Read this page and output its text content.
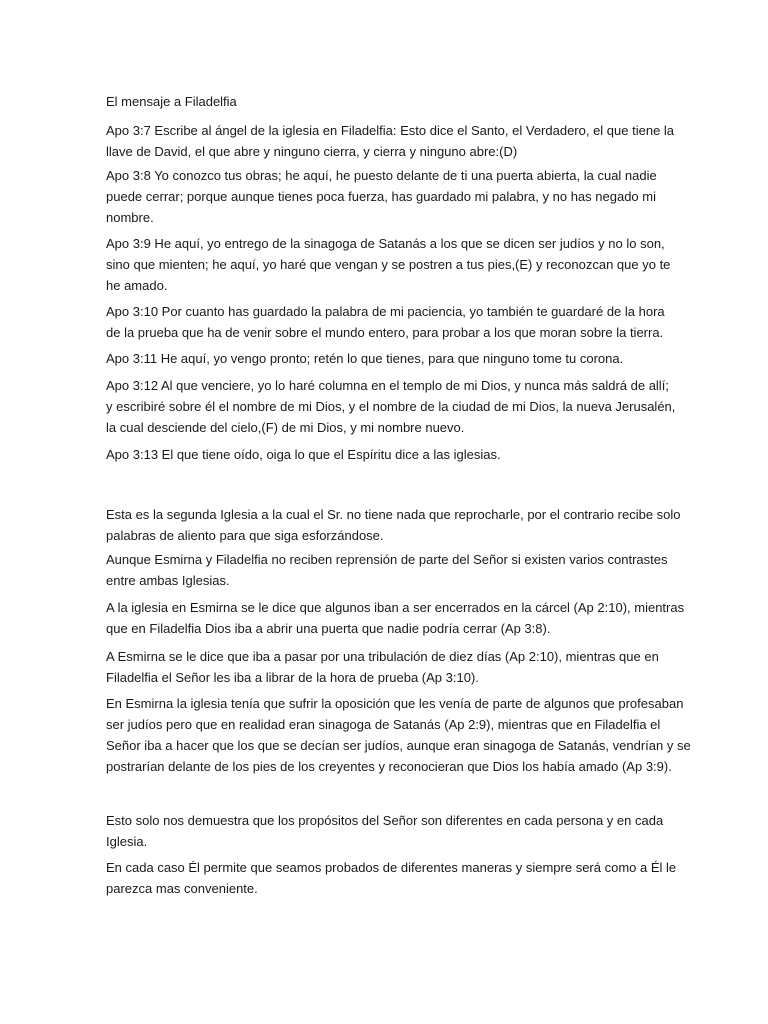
El mensaje a Filadelfia
Apo 3:7 Escribe al ángel de la iglesia en Filadelfia: Esto dice el Santo, el Verdadero, el que tiene la
llave de David, el que abre y ninguno cierra, y cierra y ninguno abre:(D)
Apo 3:8 Yo conozco tus obras; he aquí, he puesto delante de ti una puerta abierta, la cual nadie
puede cerrar; porque aunque tienes poca fuerza, has guardado mi palabra, y no has negado mi
nombre.
Apo 3:9 He aquí, yo entrego de la sinagoga de Satanás a los que se dicen ser judíos y no lo son,
sino que mienten; he aquí, yo haré que vengan y se postren a tus pies,(E) y reconozcan que yo te
he amado.
Apo 3:10 Por cuanto has guardado la palabra de mi paciencia, yo también te guardaré de la hora
de la prueba que ha de venir sobre el mundo entero, para probar a los que moran sobre la tierra.
Apo 3:11 He aquí, yo vengo pronto; retén lo que tienes, para que ninguno tome tu corona.
Apo 3:12 Al que venciere, yo lo haré columna en el templo de mi Dios, y nunca más saldrá de allí;
y escribiré sobre él el nombre de mi Dios, y el nombre de la ciudad de mi Dios, la nueva Jerusalén,
la cual desciende del cielo,(F) de mi Dios, y mi nombre nuevo.
Apo 3:13 El que tiene oído, oiga lo que el Espíritu dice a las iglesias.
Esta es la segunda Iglesia a la cual el Sr. no tiene nada que reprocharle, por el contrario recibe solo
palabras de aliento para que siga esforzándose.
Aunque Esmirna y Filadelfia no reciben reprensión de parte del Señor si existen varios contrastes
entre ambas Iglesias.
A la iglesia en Esmirna se le dice que algunos iban a ser encerrados en la cárcel (Ap 2:10), mientras
que en Filadelfia Dios iba a abrir una puerta que nadie podría cerrar (Ap 3:8).
A Esmirna se le dice que iba a pasar por una tribulación de diez días (Ap 2:10), mientras que en
Filadelfia el Señor les iba a librar de la hora de prueba (Ap 3:10).
En Esmirna la iglesia tenía que sufrir la oposición que les venía de parte de algunos que profesaban
ser judíos pero que en realidad eran sinagoga de Satanás (Ap 2:9), mientras que en Filadelfia el
Señor iba a hacer que los que se decían ser judíos, aunque eran sinagoga de Satanás, vendrían y se
postrarían delante de los pies de los creyentes y reconocieran que Dios los había amado (Ap 3:9).
Esto solo nos demuestra que los propósitos del Señor son diferentes en cada persona y en cada
Iglesia.
En cada caso Él permite que seamos probados de diferentes maneras y siempre será como a Él le
parezca mas conveniente.
